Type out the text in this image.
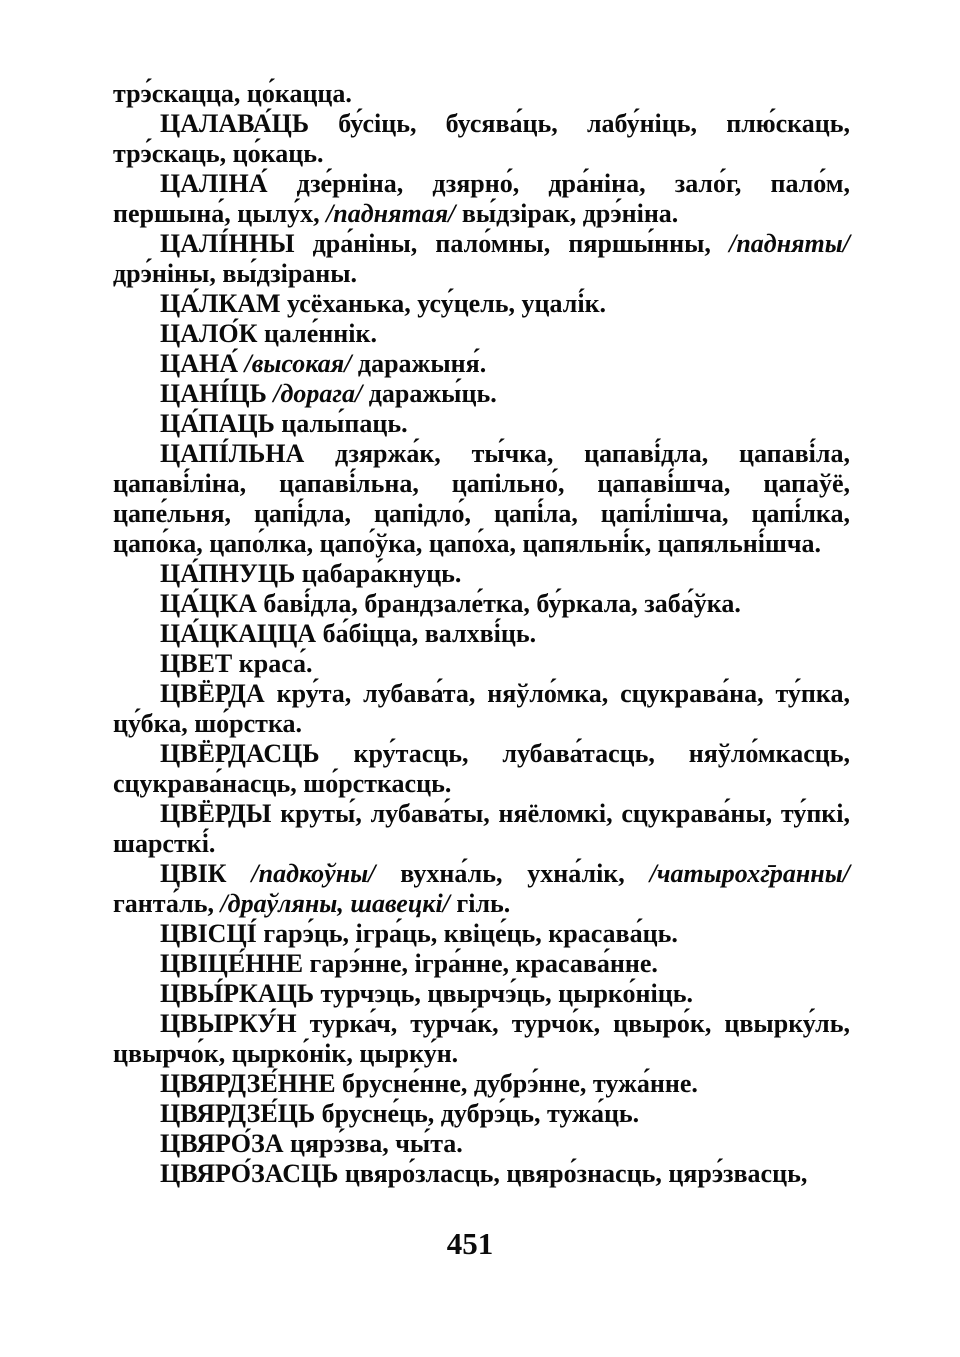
трэ́скацца, цо́кацца.

ЦАЛАВА́ЦЬ бу́сіць, бусява́ць, лабу́ніць, плю́скаць, трэ́скаць, цо́каць.

ЦАЛІНА́ дзе́рніна, дзярно́, дра́ніна, зало́г, пало́м, першына́, цылу́х, /паднятая/ вы́дзірак, дрэ́ніна.

ЦАЛІ́ННЫ дра́ніны, пало́мны, пяршы́нны, /падняты/ дрэ́ніны, вы́дзіраны.

ЦА́ЛКАМ усёханька, усу́цель, уцалі́к.

ЦАЛО́К цале́ннік.

ЦАНА́ /высокая/ даражыня́.

ЦАНІ́ЦЬ /дорага/ даражы́ць.

ЦА́ПАЦЬ цалы́паць.

ЦАПІ́ЛЬНА дзяржа́к, ты́чка, цапаві́дла, цапаві́ла, цапаві́ліна, цапаві́льна, цапільно́, цапаві́шча, цапаўё, цапе́льня, цапі́дла, цапідло́, цапі́ла, цапі́лішча, цапі́лка, цапо́ка, цапо́лка, цапо́ўка, цапо́ха, цапяльні́к, цапяльні́шча.

ЦА́ПНУЦЬ цабара́кнуць.

ЦА́ЦКА баві́дла, брандзале́тка, бу́ркала, заба́ўка.

ЦА́ЦКАЦЦА ба́біцца, валхві́ць.

ЦВЕТ краса́.

ЦВЁРДА кру́та, лубава́та, няўло́мка, сцукрава́на, ту́пка, цу́бка, шо́рстка.

ЦВЁРДАСЦЬ кру́тасць, лубава́тасць, няўло́мкасць, сцукрава́насць, шо́рсткасць.

ЦВЁРДЫ круты́, лубава́ты, няёломкі, сцукрава́ны, ту́пкі, шарсткі́.

ЦВІК /падкоўны/ вухна́ль, ухна́лік, /чатырохг̄ранны/ ганта́ль, /драўляны, шавецкі/ гіль.

ЦВІСЦІ́ гарэ́ць, ігра́ць, квіце́ць, красава́ць.

ЦВІЦЕ́ННЕ гарэ́нне, ігра́нне, красава́нне.

ЦВЫ́РКАЦЬ турчэць, цвырчэ́ць, цырко́ніць.

ЦВЫРКУ́Н турка́ч, турча́к, турчо́к, цвыро́к, цвырку́ль, цвырчо́к, цырко́нік, цырку́н.

ЦВЯРДЗЕ́ННЕ брусне́нне, дубрэ́нне, тужа́нне.

ЦВЯРДЗЕ́ЦЬ брусне́ць, дубрэ́ць, тужа́ць.

ЦВЯРО́ЗА цярэ́зва, чы́та.

ЦВЯРО́ЗАСЦЬ цвяро́зласць, цвяро́знасць, цярэ́звасць,

451
